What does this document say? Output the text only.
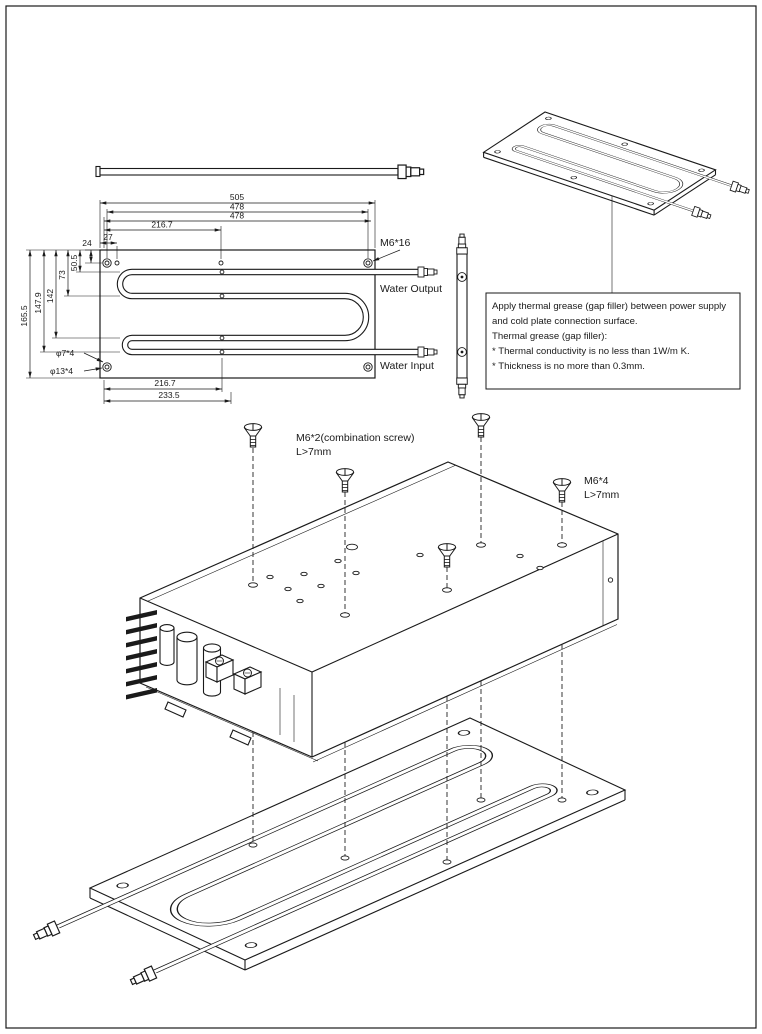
505
478
478
216.7
24
27
50.5
73
142
147.9
165.5
216.7
233.5
φ7*4
φ13*4
M6*16
Water Output
Water Input
Apply thermal grease (gap filler) between power supply
and cold plate connection surface.
Thermal grease (gap filler):
* Thermal conductivity is no less than 1W/m K.
* Thickness is no more than 0.3mm.
M6*2(combination screw)
L>7mm
M6*4
L>7mm
